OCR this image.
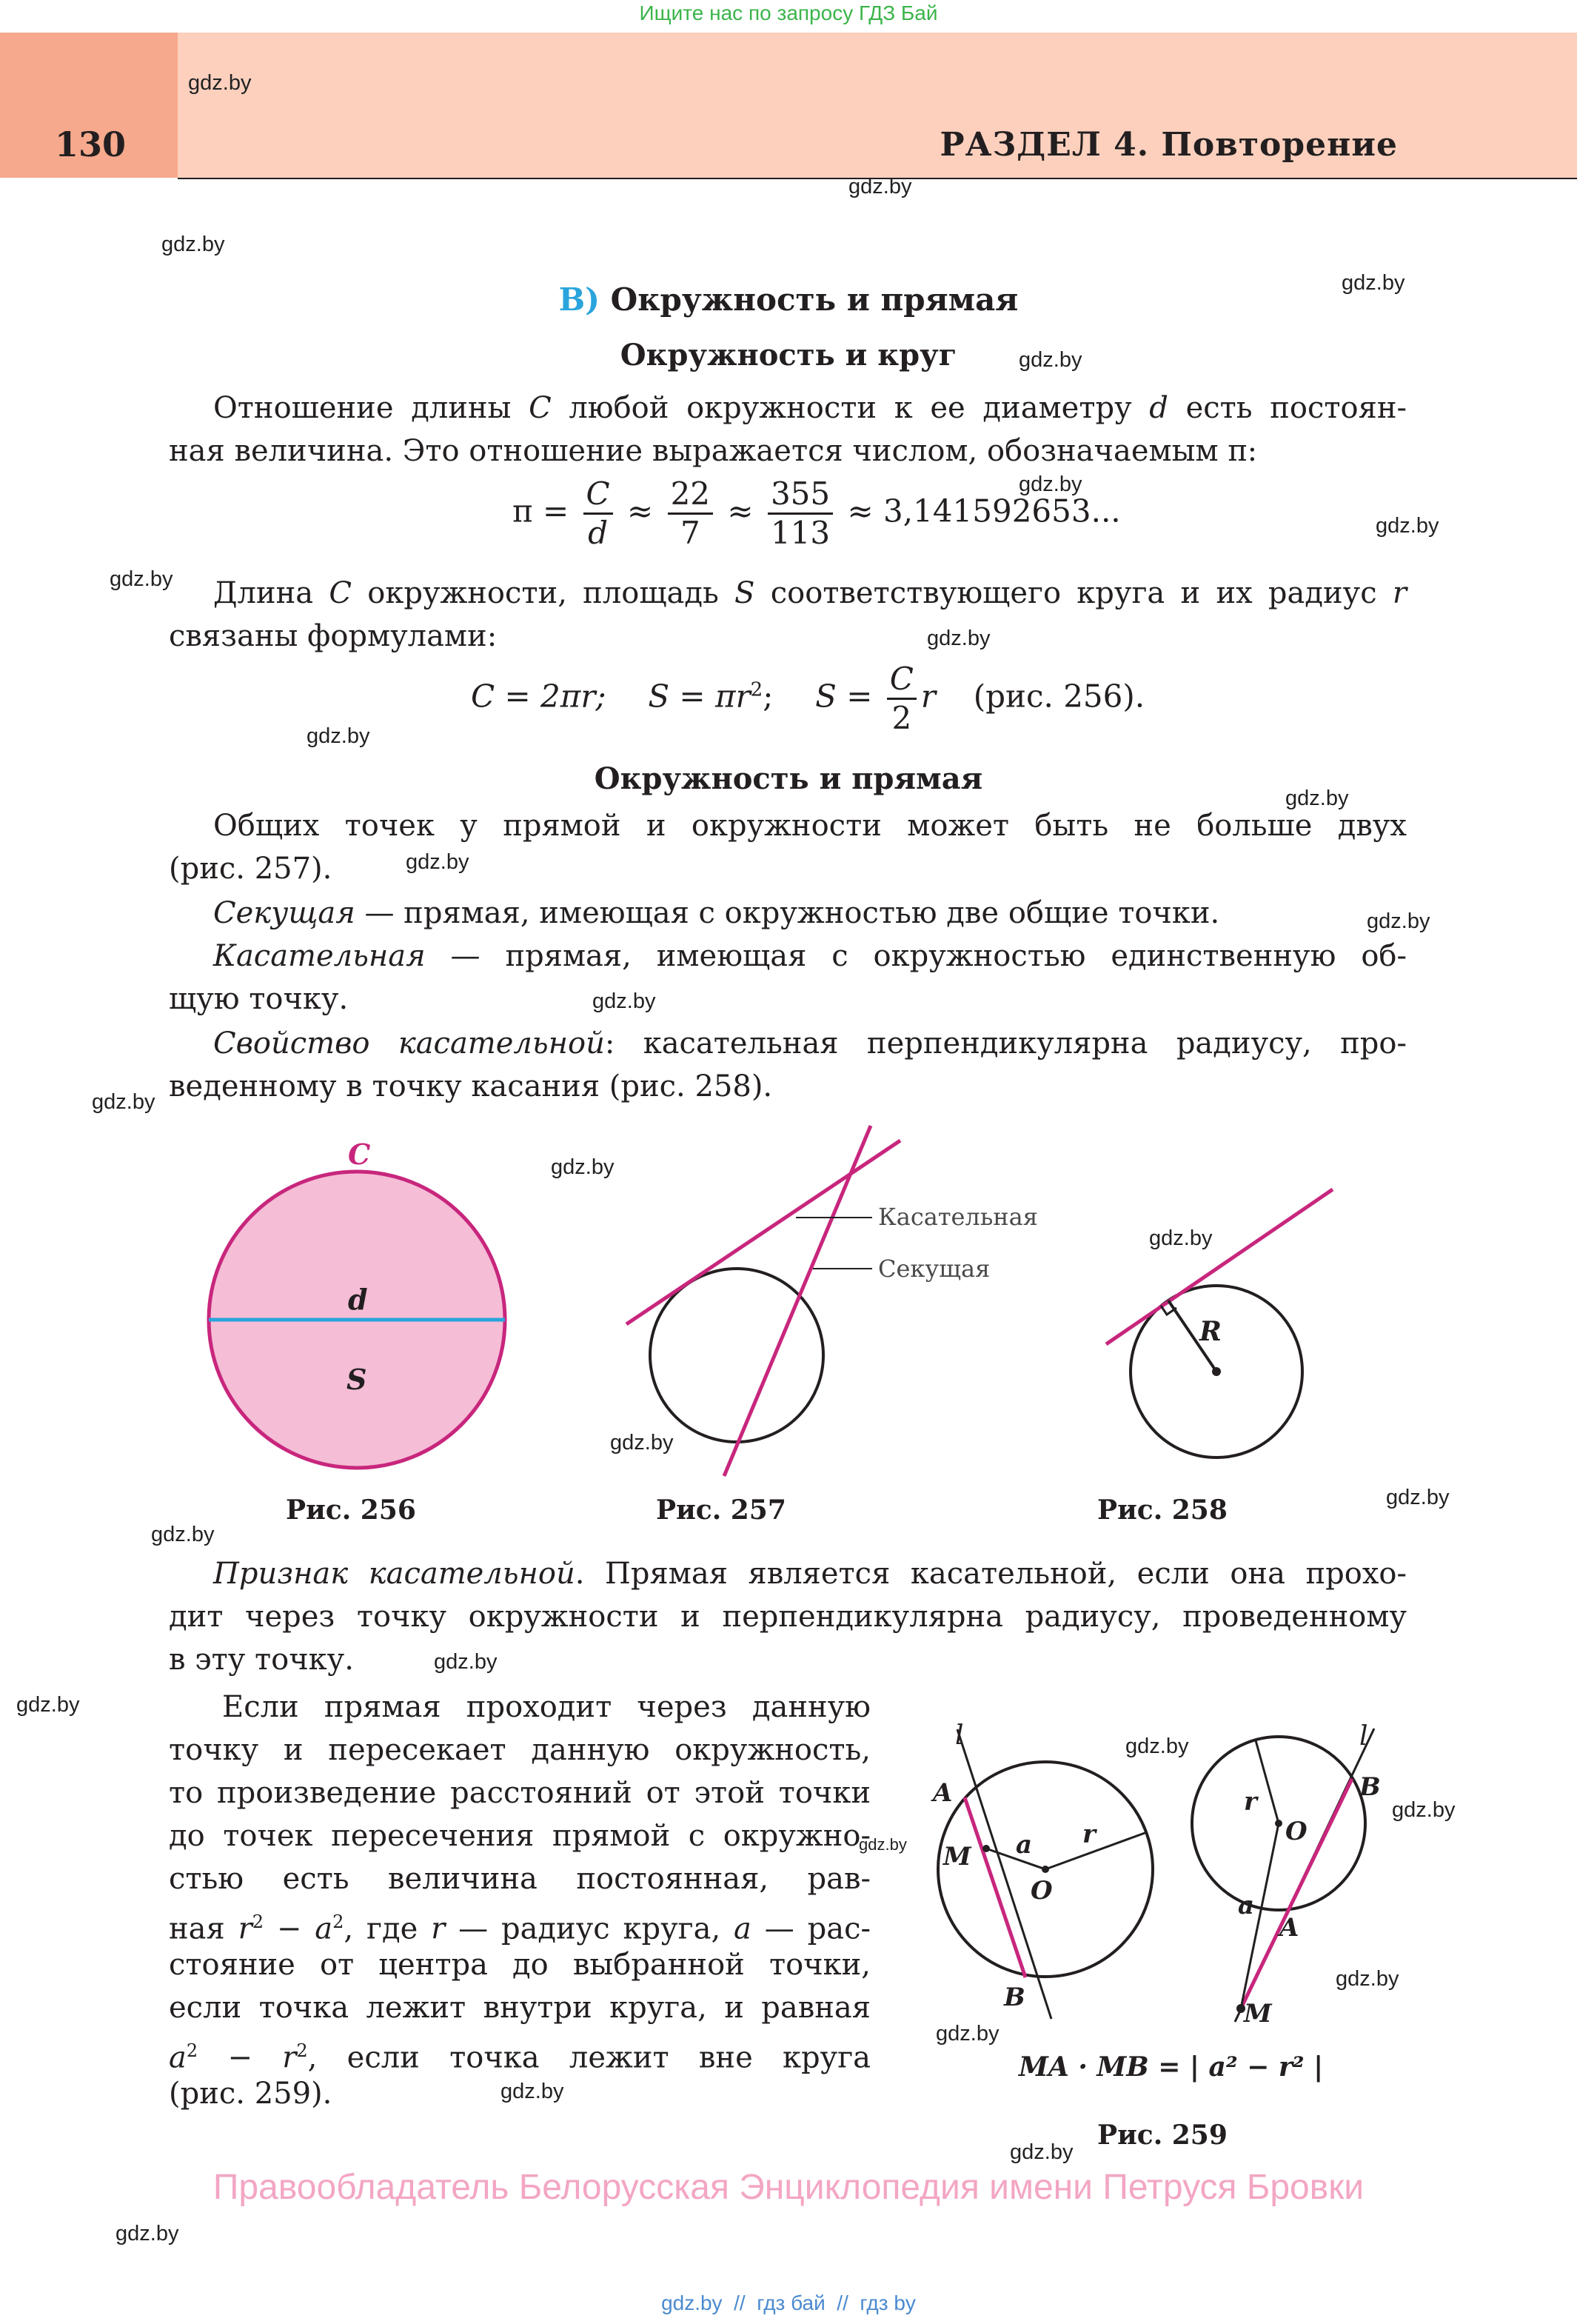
Ищите нас по запросу ГДЗ Бай
130	РАЗДЕЛ 4. Повторение
gdz.by
В) Окружность и прямая
Окружность и круг

Отношение длины C любой окружности к ее диаметру d есть постоян-

ная величина. Это отношение выражается числом, обозначаемым π:

$\pi = \frac{C}{d} \approx \frac{22}{7} \approx \frac{355}{113} \approx 3,141592653$...

Длина C окружности, площадь S соответствующего круга и их радиус r

связаны формулами:

C = 2πr; $S = \pi r^2$; $S = \frac{C}{2}$ r (рис. 256).
Окружность и прямая

Общих точек у прямой и окружности может быть не больше двух

(рис. 257).

Секущая — прямая, имеющая с окружностью две общие точки.

Касательная — прямая, имеющая с окружностью единственную об-

щую точку.

Свойство касательной: касательная перпендикулярна радиусу, про-

веденному в точку касания (рис. 258).

C
d
S
Касательная
Секущая
R
Рис. 256	Рис. 257	Рис. 258

Признак касательной. Прямая является касательной, если она прохо-

дит через точку окружности и перпендикулярна радиусу, проведенному

в эту точку.

Если прямая проходит через данную

точку и пересекает данную окружность,

то произведение расстояний от этой точки

до точек пересечения прямой с окружно-

стью есть величина постоянная, рав-

ная $r^2 - a^2$, где r — радиус круга, a — рас-

стояние от центра до выбранной точки,

если точка лежит внутри круга, и равная

$a^2 - r^2$, если точка лежит вне круга

(рис. 259).

l
A
M a r
O
B
l
B
r
O
a
A
M
MA · MB = | a² − r² |
Рис. 259
Правообладатель Белорусская Энциклопедия имени Петруся Бровки
gdz.by  //  гдз бай  //  гдз by
gdz.by
gdz.by
gdz.by
gdz.by
gdz.by
gdz.by
gdz.by
gdz.by
gdz.by
gdz.by
gdz.by
gdz.by
gdz.by
gdz.by
gdz.by
gdz.by
gdz.by
gdz.by
gdz.by
gdz.by
gdz.by
gdz.by
gdz.by
gdz.by
gdz.by
gdz.by
gdz.by
gdz.by
gdz.by
